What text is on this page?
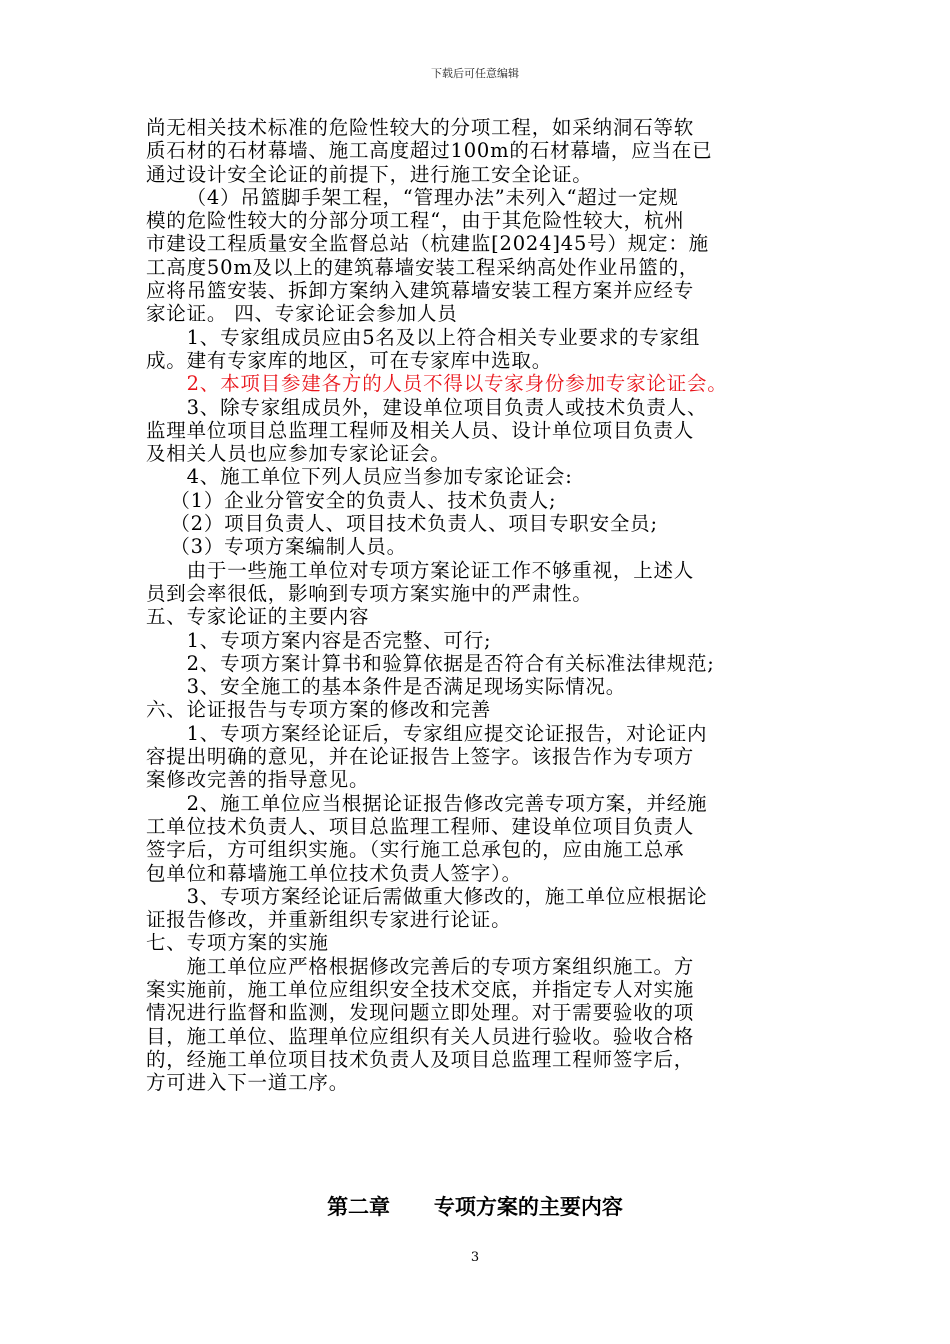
下载后可任意编辑
尚无相关技术标准的危险性较大的分项工程，如采纳洞石等软
质石材的石材幕墙、施工高度超过100m的石材幕墙，应当在已
通过设计安全论证的前提下，进行施工安全论证。
（4）吊篮脚手架工程，“管理办法”未列入“超过一定规
模的危险性较大的分部分项工程“，由于其危险性较大，杭州
市建设工程质量安全监督总站（杭建监[2024]45号）规定：施
工高度50m及以上的建筑幕墙安装工程采纳高处作业吊篮的，
应将吊篮安装、拆卸方案纳入建筑幕墙安装工程方案并应经专
家论证。 四、专家论证会参加人员
1、专家组成员应由5名及以上符合相关专业要求的专家组
成。建有专家库的地区，可在专家库中选取。
2、本项目参建各方的人员不得以专家身份参加专家论证会。
3、除专家组成员外，建设单位项目负责人或技术负责人、
监理单位项目总监理工程师及相关人员、设计单位项目负责人
及相关人员也应参加专家论证会。
4、施工单位下列人员应当参加专家论证会:
（1）企业分管安全的负责人、技术负责人;
（2）项目负责人、项目技术负责人、项目专职安全员;
（3）专项方案编制人员。
由于一些施工单位对专项方案论证工作不够重视，上述人
员到会率很低，影响到专项方案实施中的严肃性。
五、专家论证的主要内容
1、专项方案内容是否完整、可行;
2、专项方案计算书和验算依据是否符合有关标准法律规范;
3、安全施工的基本条件是否满足现场实际情况。
六、论证报告与专项方案的修改和完善
1、专项方案经论证后，专家组应提交论证报告，对论证内
容提出明确的意见，并在论证报告上签字。该报告作为专项方
案修改完善的指导意见。
2、施工单位应当根据论证报告修改完善专项方案，并经施
工单位技术负责人、项目总监理工程师、建设单位项目负责人
签字后，方可组织实施。（实行施工总承包的，应由施工总承
包单位和幕墙施工单位技术负责人签字）。
3、专项方案经论证后需做重大修改的，施工单位应根据论
证报告修改，并重新组织专家进行论证。
七、专项方案的实施
施工单位应严格根据修改完善后的专项方案组织施工。方
案实施前，施工单位应组织安全技术交底，并指定专人对实施
情况进行监督和监测，发现问题立即处理。对于需要验收的项
目，施工单位、监理单位应组织有关人员进行验收。验收合格
的，经施工单位项目技术负责人及项目总监理工程师签字后，
方可进入下一道工序。
第二章      专项方案的主要内容
3
